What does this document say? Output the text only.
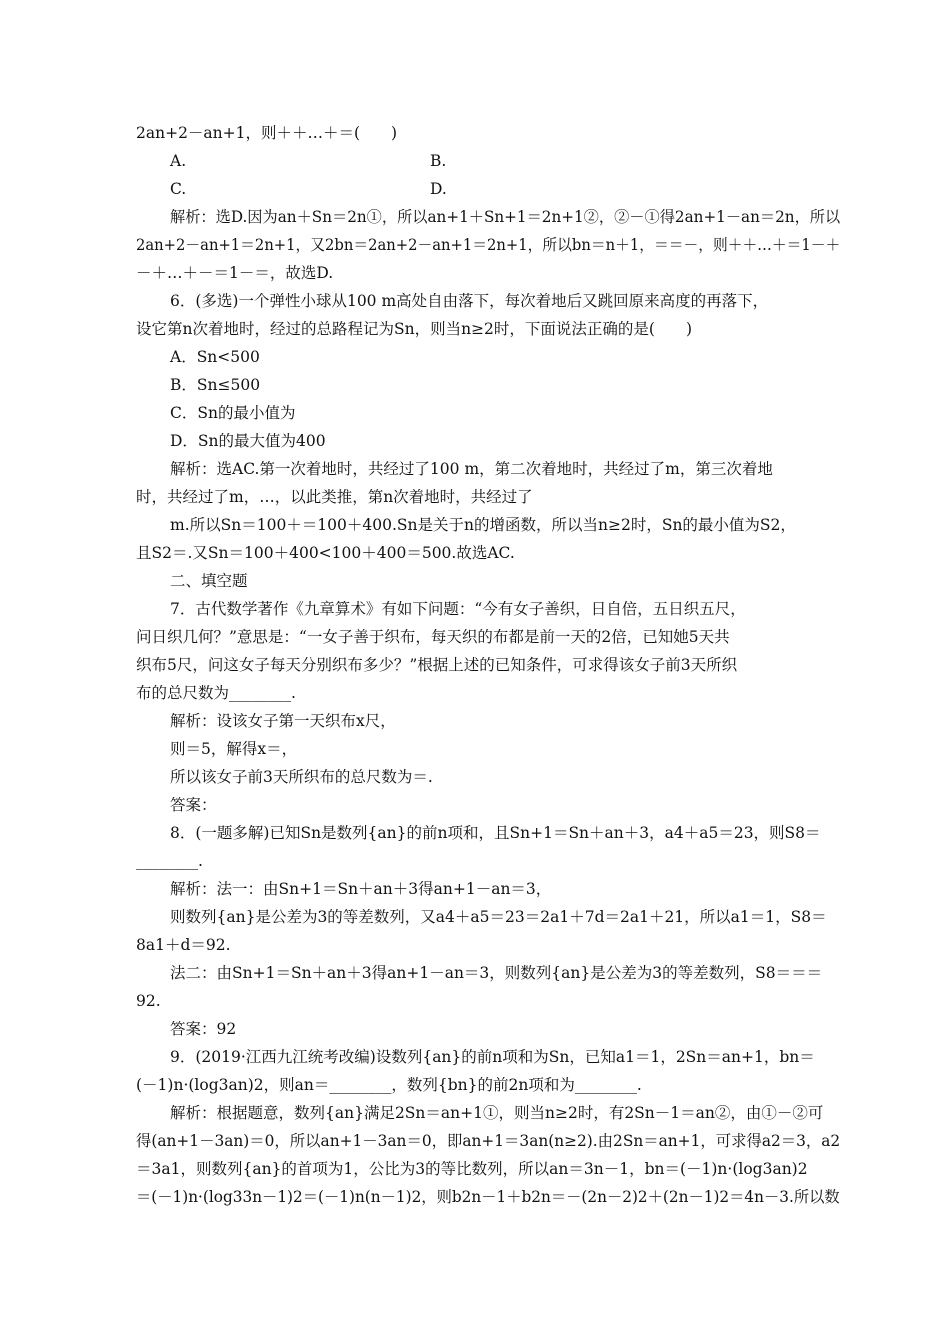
2an+2－an+1，则＋＋…＋＝(　　)
A.	B.
C.	D.
解析：选D.因为an＋Sn＝2n①，所以an+1＋Sn+1＝2n+1②，②－①得2an+1－an＝2n，所以
2an+2－an+1＝2n+1，又2bn＝2an+2－an+1＝2n+1，所以bn＝n＋1，＝＝－，则＋＋…＋＝1－＋
－＋…＋－＝1－＝，故选D.
6．(多选)一个弹性小球从100 m高处自由落下，每次着地后又跳回原来高度的再落下，
设它第n次着地时，经过的总路程记为Sn，则当n≥2时，下面说法正确的是(　　)
A．Sn<500
B．Sn≤500
C．Sn的最小值为
D．Sn的最大值为400
解析：选AC.第一次着地时，共经过了100 m，第二次着地时，共经过了m，第三次着地
时，共经过了m，…，以此类推，第n次着地时，共经过了
m.所以Sn＝100＋＝100＋400.Sn是关于n的增函数，所以当n≥2时，Sn的最小值为S2，
且S2＝.又Sn＝100＋400<100＋400＝500.故选AC.
二、填空题
7．古代数学著作《九章算术》有如下问题：“今有女子善织，日自倍，五日织五尺，
问日织几何？”意思是：“一女子善于织布，每天织的布都是前一天的2倍，已知她5天共
织布5尺，问这女子每天分别织布多少？”根据上述的已知条件，可求得该女子前3天所织
布的总尺数为________.
解析：设该女子第一天织布x尺，
则＝5，解得x＝，
所以该女子前3天所织布的总尺数为＝.
答案：
8．(一题多解)已知Sn是数列{an}的前n项和，且Sn+1＝Sn＋an＋3，a4＋a5＝23，则S8＝
________.
解析：法一：由Sn+1＝Sn＋an＋3得an+1－an＝3，
则数列{an}是公差为3的等差数列，又a4＋a5＝23＝2a1＋7d＝2a1＋21，所以a1＝1，S8＝
8a1＋d＝92.
法二：由Sn+1＝Sn＋an＋3得an+1－an＝3，则数列{an}是公差为3的等差数列，S8＝＝＝
92.
答案：92
9．(2019·江西九江统考改编)设数列{an}的前n项和为Sn，已知a1＝1，2Sn＝an+1，bn＝
(－1)n·(log3an)2，则an＝________，数列{bn}的前2n项和为________.
解析：根据题意，数列{an}满足2Sn＝an+1①，则当n≥2时，有2Sn－1＝an②，由①－②可
得(an+1－3an)＝0，所以an+1－3an＝0，即an+1＝3an(n≥2).由2Sn＝an+1，可求得a2＝3，a2
＝3a1，则数列{an}的首项为1，公比为3的等比数列，所以an＝3n－1，bn＝(－1)n·(log3an)2
＝(－1)n·(log33n－1)2＝(－1)n(n－1)2，则b2n－1＋b2n＝－(2n－2)2＋(2n－1)2＝4n－3.所以数
